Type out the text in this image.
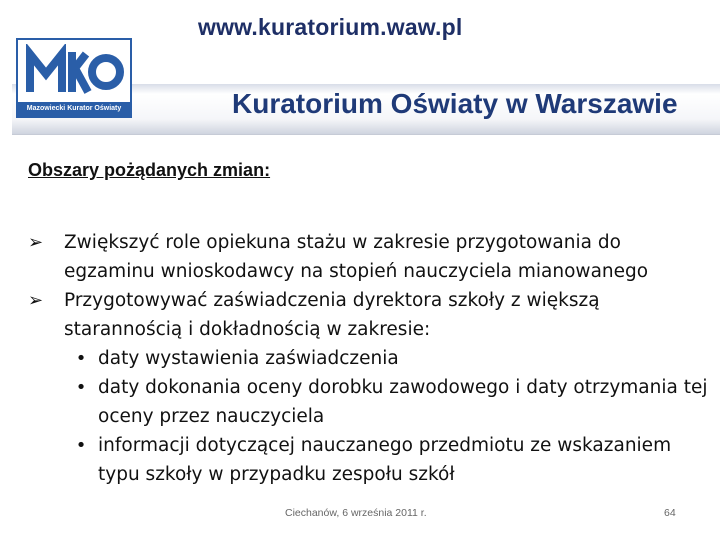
www.kuratorium.waw.pl
Kuratorium Oświaty w Warszawie
Mazowiecki Kurator Oświaty
Obszary pożądanych zmian:
➢	Zwiększyć role opiekuna stażu w zakresie przygotowania do egzaminu wnioskodawcy na stopień nauczyciela mianowanego
➢	Przygotowywać zaświadczenia dyrektora szkoły z większą starannością i dokładnością w zakresie:
• daty wystawienia zaświadczenia
• daty dokonania oceny dorobku zawodowego i daty otrzymania tej oceny przez nauczyciela
• informacji dotyczącej nauczanego przedmiotu ze wskazaniem typu szkoły w przypadku zespołu szkół
Ciechanów, 6 września 2011 r.	64
